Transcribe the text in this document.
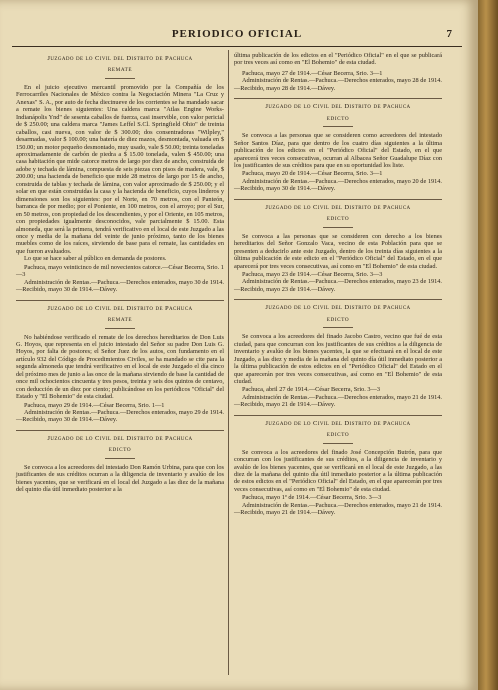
PERIODICO OFICIAL	7
Juzgado de lo Civil del Distrito de Pachuca
REMATE

En el juicio ejecutivo mercantil promovido por la Compañía de los Ferrocarriles Nacionales de México contra la Negociación Minera "La Cruz y Anexas" S. A., por auto de fecha diecinueve de los corrientes se ha mandado sacar a remate los bienes siguientes: Una caldera marca "Atlas Engine Works-Indianápolis Ynd" de sesenta caballos de fuerza, casi inservible, con valor pericial de $ 250.00; una caldera marca "James Leffel S.Cl. Springfield Ohio" de treinta caballos, casi nueva, con valor de $ 300.00; dos consentradoras "Wilpley," desarmadas, valor $ 100.00; una batería de diez mazos, desmontada, valuada en $ 150.00; un motor pequeño desmontado, muy usado, vale $ 50.00; treinta toneladas aproximadamente de carbón de piedra a $ 15.00 tonelada, valen $ 450.00; una casa habitación que mide catorce metros de largo por diez de ancho, construida de adobe y techada de lámina, compuesta de seis piezas con pisos de madera, vale, $ 200.00; una hacienda de beneficio que mide 28 metros de largo por 15 de ancho, construida de tablas y techada de lámina, con valor aproximado de $ 250.00; y el solar en que están construidas la casa y la hacienda de beneficio, cuyos linderos y dimensiones son los siguientes: por el Norte, en 70 metros, con el Panteón, barranca de por medio; por el Poniente, en 100 metros, con el arroyo; por el Sur, en 50 metros, con propiedad de los descendientes, y por el Oriente, en 105 metros, con propiedades igualmente desconocidos, vale parcialmente $ 15.00. Esta almoneda, que será la primera, tendrá verificativo en el local de este Juzgado a las once y media de la mañana del veinte de junio próximo, tanto de los bienes muebles como de los raíces, sirviendo de base para el remate, las cantidades en que fueron avaluados.

Lo que se hace saber al público en demanda de postores.

Pachuca, mayo veinticinco de mil novecientos catorce.—César Becerra, Srio. 1—3

Administración de Rentas.—Pachuca.—Derechos enterados, mayo 30 de 1914.—Recibido, mayo 30 de 1914.—Dávey.

Juzgado de lo Civil del Distrito de Pachuca
REMATE

No habiéndose verificado el remate de los derechos hereditarios de Don Luis G. Hoyos, que representa en el juicio intestado del Señor su padre Don Luis G. Hoyos, por falta de postores; el Señor Juez de los autos, con fundamento en el artículo 932 del Código de Procedimientos Civiles, se ha mandado se cite para la segunda almoneda que tendrá verificativo en el local de este Juzgado el día cinco del próximo mes de junio a las once de la mañana sirviendo de base la cantidad de once mil ochocientos cincuenta y tres pesos, treinta y seis dos quintos de centavo, con deducción de un diez por ciento; publicándose en los periódicos "Oficial" del Estado y "El Bohemio" de esta ciudad.

Pachuca, mayo 29 de 1914.—César Becerra, Srio. 1—1

Administración de Rentas.—Pachuca.—Derechos enterados, mayo 29 de 1914.—Recibido, mayo 30 de 1914.—Dávey.

Juzgado de lo Civil del Distrito de Pachuca
EDICTO

Se convoca a los acreedores del intestado Don Ramón Urbina, para que con los justificantes de sus créditos ocurran a la diligencia de inventario y avalúo de los bienes yacentes, que se verificará en el local del Juzgado a las diez de la mañana del quinto día útil inmediato posterior a la

última publicación de los edictos en el "Periódico Oficial" en el que se publicará por tres veces así como en "El Bohemio" de esta ciudad.

Pachuca, mayo 27 de 1914.—César Becerra, Srio. 3—1

Administración de Rentas.—Pachuca.—Derechos enterados, mayo 28 de 1914.—Recibido, mayo 28 de 1914.—Dávey.

Juzgado de lo Civil del Distrito de Pachuca
EDICTO

Se convoca a las personas que se consideren como acreedores del intestado Señor Santos Díaz, para que dentro de los cuatro días siguientes a la última publicación de los edictos en el "Periódico Oficial" del Estado, en el que aparecerá tres veces consecutivas, ocurran al Albacea Señor Guadalupe Díaz con los justificantes de sus créditos para que en su oportunidad los liste.

Pachuca, mayo 20 de 1914.—César Becerra, Srio. 3—1

Administración de Rentas.—Pachuca.—Derechos enterados, mayo 20 de 1914.—Recibido, mayo 30 de 1914.—Dávey.

Juzgado de lo Civil del Distrito de Pachuca
EDICTO

Se convoca a las personas que se consideren con derecho a los bienes hereditarios del Señor Gonzalo Vaca, vecino de esta Población para que se presenten a deducirlo ante este Juzgado, dentro de los treinta días siguientes a la última publicación de este edicto en el "Periódico Oficial" del Estado, en el que aparecerá por tres veces consecutivas, así como en "El Bohemio" de esta ciudad.

Pachuca, mayo 23 de 1914.—César Becerra, Srio. 3—3

Administración de Rentas.—Pachuca.—Derechos enterados, mayo 23 de 1914.—Recibido, mayo 23 de 1914.—Dávey.

Juzgado de lo Civil del Distrito de Pachuca
EDICTO

Se convoca a los acreedores del finado Jacobo Castro, vecino que fué de esta ciudad, para que concurran con los justificantes de sus créditos a la diligencia de inventario y avalúo de los bienes yacentes, la que se efectuará en el local de este Juzgado, a las diez y media de la mañana del quinto día útil inmediato posterior a la última publicación de estos edictos en el "Periódico Oficial" del Estado en el que aparecerán por tres veces consecutivas, así como en "El Bohemio" de esta ciudad.

Pachuca, abril 27 de 1914.—César Becerra, Srio. 3—3

Administración de Rentas.—Pachuca.—Derechos enterados, mayo 21 de 1914.—Recibido, mayo 21 de 1914.—Dávey.

Juzgado de lo Civil del Distrito de Pachuca
EDICTO

Se convoca a los acreedores del finado José Concepción Butrón, para que concurran con los justificantes de sus créditos, a la diligencia de inventario y avalúo de los bienes yacentes, que se verificará en el local de este Juzgado, a las diez de la mañana del quinto día útil inmediato posterior a la última publicación de estos edictos en el "Periódico Oficial" del Estado, en el que aparecerán por tres veces consecutivas, así como en "El Bohemio" de esta ciudad.

Pachuca, mayo 1º de 1914.—César Becerra, Srio. 3—3

Administración de Rentas.—Pachuca.—Derechos enterados, mayo 21 de 1914.—Recibido, mayo 21 de 1914.—Dávey.
